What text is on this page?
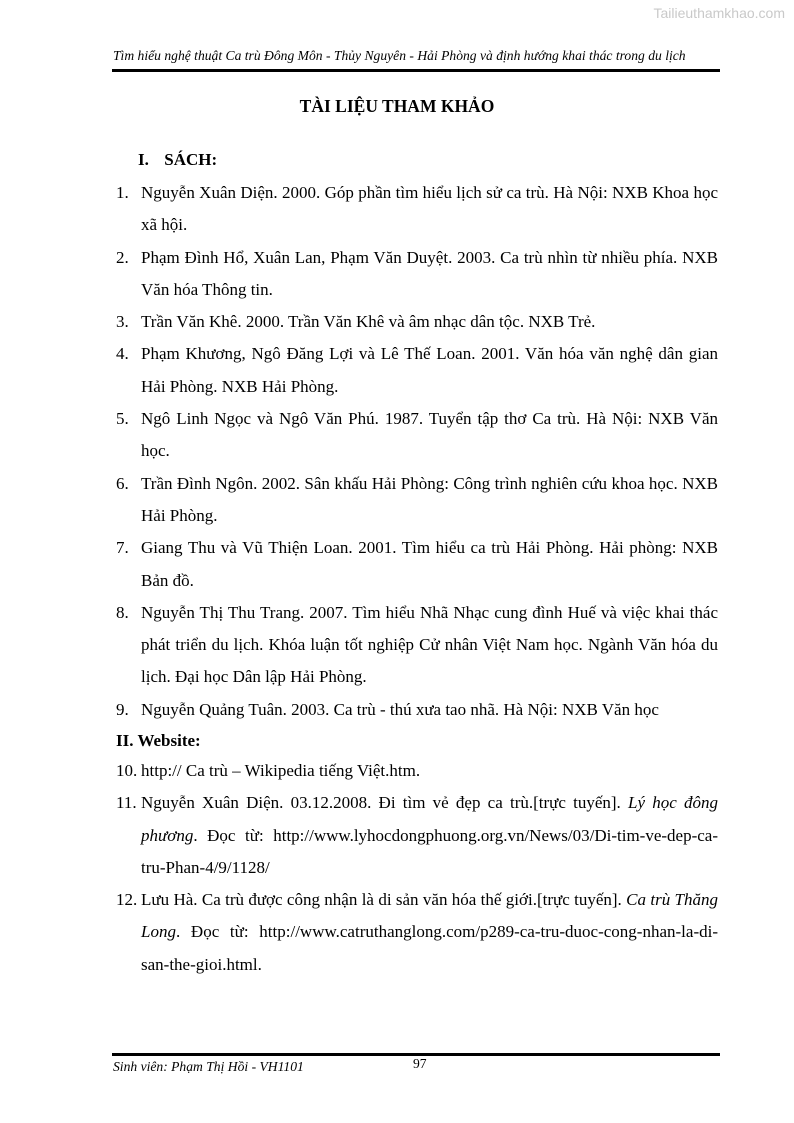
Tailieuthamkhao.com
Tìm hiểu nghệ thuật Ca trù Đông Môn - Thủy Nguyên - Hải Phòng và định hướng khai thác trong du lịch
TÀI LIỆU THAM KHẢO
I. SÁCH:
1. Nguyễn Xuân Diện. 2000. Góp phần tìm hiểu lịch sử ca trù. Hà Nội: NXB Khoa học xã hội.
2. Phạm Đình Hổ, Xuân Lan, Phạm Văn Duyệt. 2003. Ca trù nhìn từ nhiều phía. NXB Văn hóa Thông tin.
3. Trần Văn Khê. 2000. Trần Văn Khê và âm nhạc dân tộc. NXB Trẻ.
4. Phạm Khương, Ngô Đăng Lợi và Lê Thế Loan. 2001. Văn hóa văn nghệ dân gian Hải Phòng. NXB Hải Phòng.
5. Ngô Linh Ngọc và Ngô Văn Phú. 1987. Tuyển tập thơ Ca trù. Hà Nội: NXB Văn học.
6. Trần Đình Ngôn. 2002. Sân khấu Hải Phòng: Công trình nghiên cứu khoa học. NXB Hải Phòng.
7. Giang Thu và Vũ Thiện Loan. 2001. Tìm hiểu ca trù Hải Phòng. Hải phòng: NXB Bản đồ.
8. Nguyễn Thị Thu Trang. 2007. Tìm hiểu Nhã Nhạc cung đình Huế và việc khai thác phát triển du lịch. Khóa luận tốt nghiệp Cử nhân Việt Nam học. Ngành Văn hóa du lịch. Đại học Dân lập Hải Phòng.
9. Nguyễn Quảng Tuân. 2003. Ca trù - thú xưa tao nhã. Hà Nội: NXB Văn học
II. Website:
10. http:// Ca trù – Wikipedia tiếng Việt.htm.
11. Nguyễn Xuân Diện. 03.12.2008. Đi tìm vẻ đẹp ca trù.[trực tuyến]. Lý học đông phương. Đọc từ: http://www.lyhocdongphuong.org.vn/News/03/Di-tim-ve-dep-ca-tru-Phan-4/9/1128/
12. Lưu Hà. Ca trù được công nhận là di sản văn hóa thế giới.[trực tuyến]. Ca trù Thăng Long. Đọc từ: http://www.catruthanglong.com/p289-ca-tru-duoc-cong-nhan-la-di-san-the-gioi.html.
Sinh viên: Phạm Thị Hồi - VH1101	97
